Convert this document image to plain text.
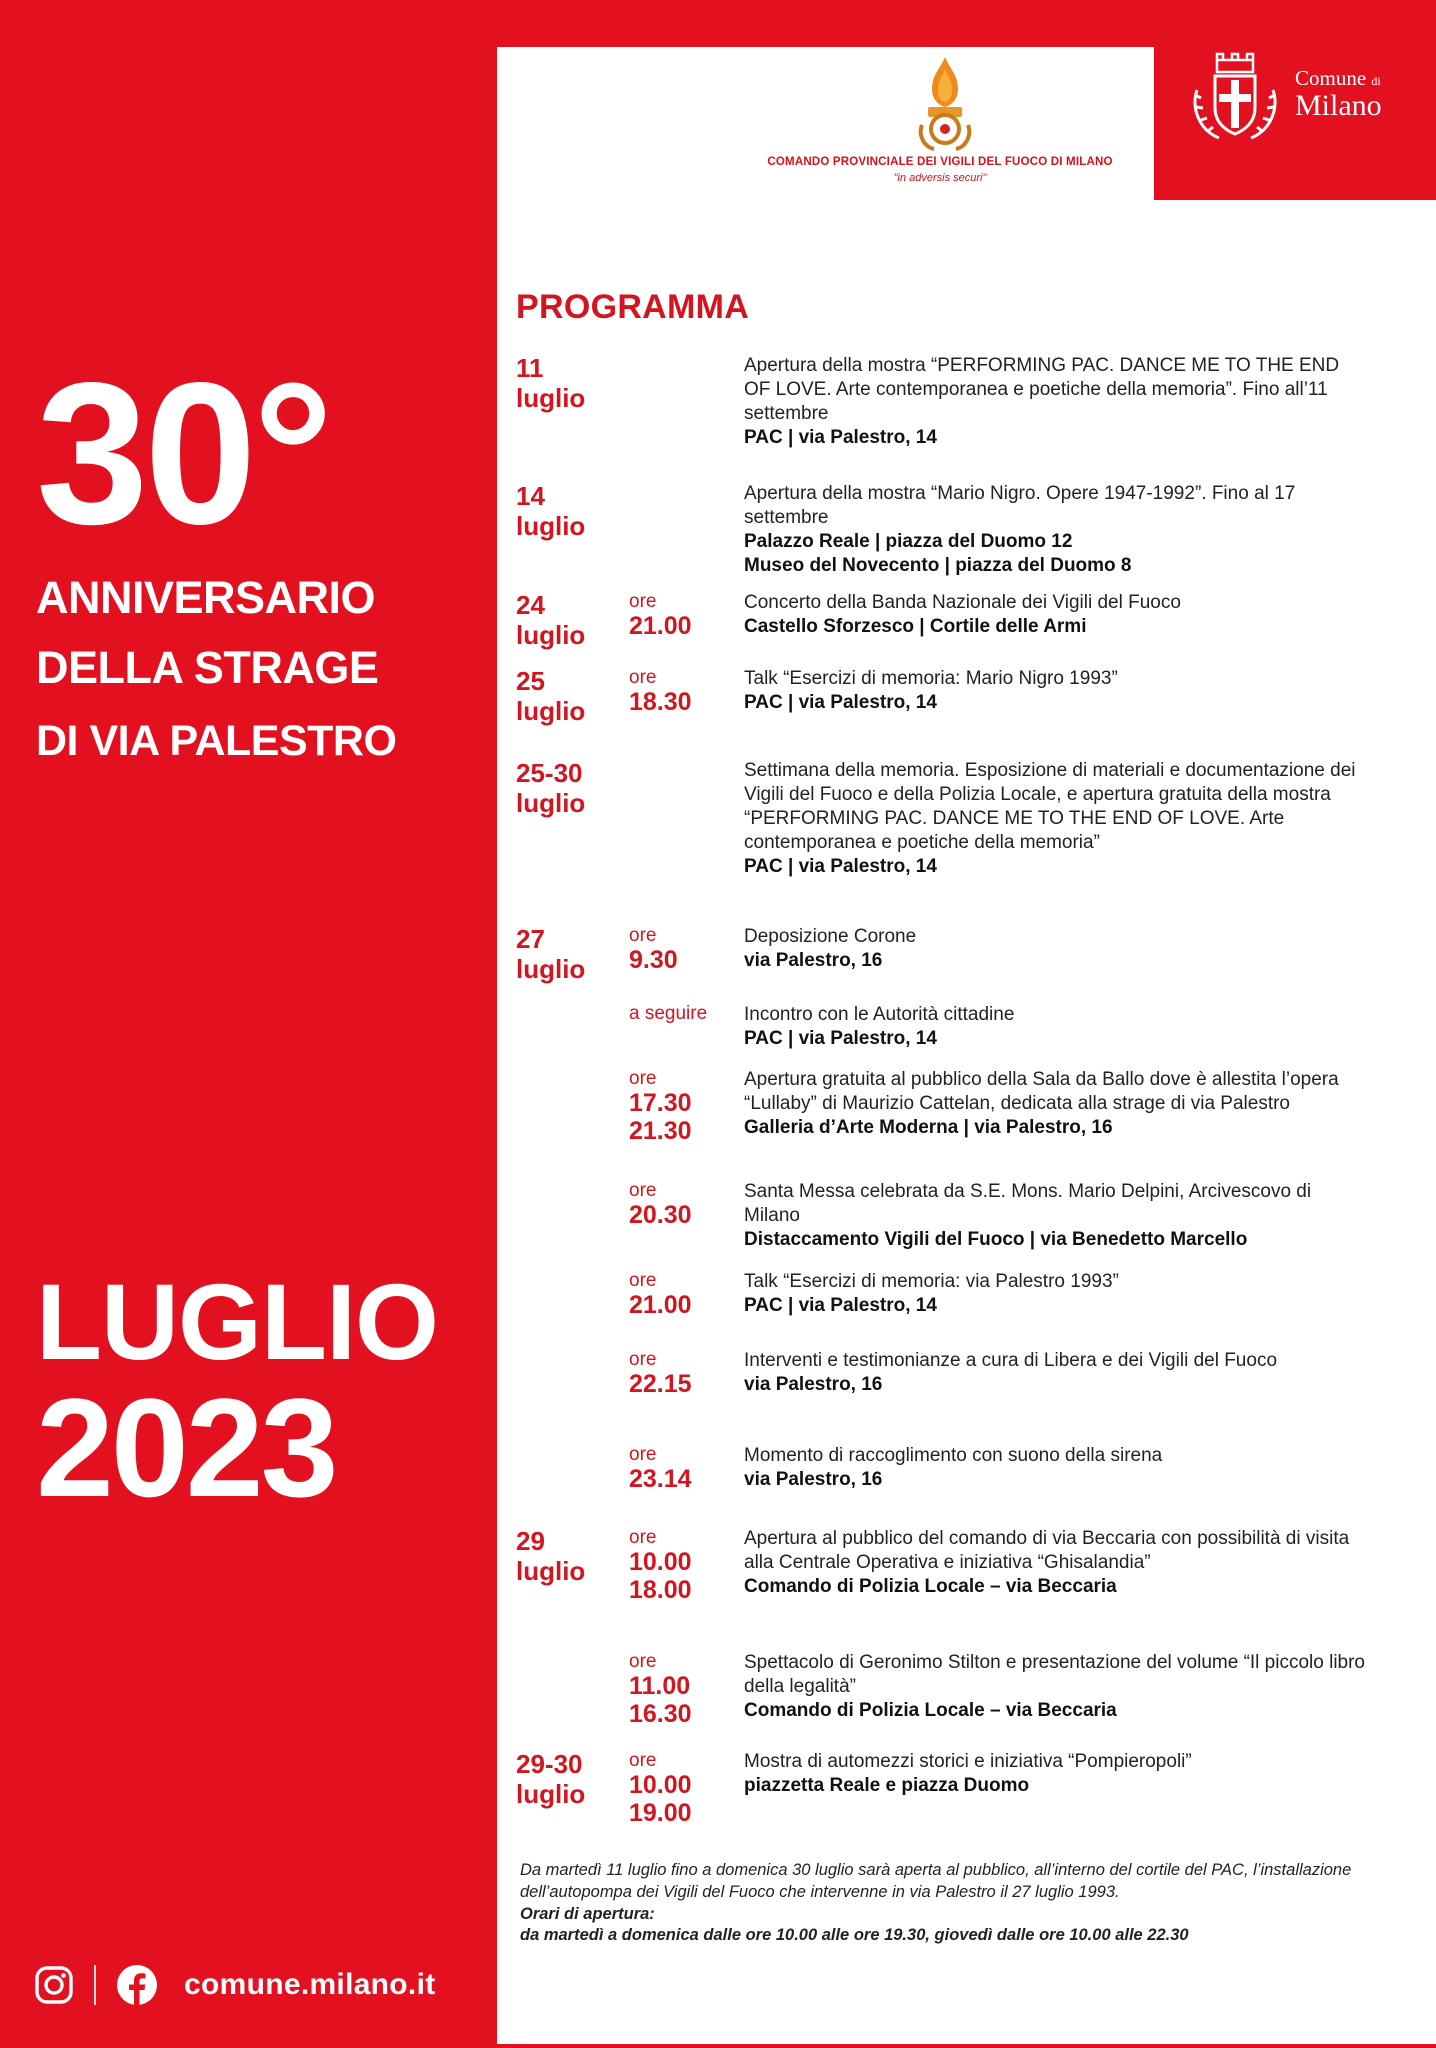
30°
ANNIVERSARIO
DELLA STRAGE
DI VIA PALESTRO
LUGLIO
2023
comune.milano.it
COMANDO PROVINCIALE DEI VIGILI DEL FUOCO DI MILANO
"in adversis securi"
Comune di
Milano
PROGRAMMA
11
luglio
Apertura della mostra “PERFORMING PAC. DANCE ME TO THE END OF LOVE. Arte contemporanea e poetiche della memoria”. Fino all’11 settembre
PAC | via Palestro, 14
14
luglio
Apertura della mostra “Mario Nigro. Opere 1947-1992”. Fino al 17 settembre
Palazzo Reale | piazza del Duomo 12
Museo del Novecento | piazza del Duomo 8
24
luglio
ore
21.00
Concerto della Banda Nazionale dei Vigili del Fuoco
Castello Sforzesco | Cortile delle Armi
25
luglio
ore
18.30
Talk “Esercizi di memoria: Mario Nigro 1993”
PAC | via Palestro, 14
25-30
luglio
Settimana della memoria. Esposizione di materiali e documentazione dei Vigili del Fuoco e della Polizia Locale, e apertura gratuita della mostra “PERFORMING PAC. DANCE ME TO THE END OF LOVE. Arte contemporanea e poetiche della memoria”
PAC | via Palestro, 14
27
luglio
ore
9.30
Deposizione Corone
via Palestro, 16
a seguire Incontro con le Autorità cittadine
PAC | via Palestro, 14
ore
17.30
21.30
Apertura gratuita al pubblico della Sala da Ballo dove è allestita l’opera “Lullaby” di Maurizio Cattelan, dedicata alla strage di via Palestro
Galleria d’Arte Moderna | via Palestro, 16
ore
20.30
Santa Messa celebrata da S.E. Mons. Mario Delpini, Arcivescovo di Milano
Distaccamento Vigili del Fuoco | via Benedetto Marcello
ore
21.00
Talk “Esercizi di memoria: via Palestro 1993”
PAC | via Palestro, 14
ore
22.15
Interventi e testimonianze a cura di Libera e dei Vigili del Fuoco
via Palestro, 16
ore
23.14
Momento di raccoglimento con suono della sirena
via Palestro, 16
29
luglio
ore
10.00
18.00
Apertura al pubblico del comando di via Beccaria con possibilità di visita alla Centrale Operativa e iniziativa “Ghisalandia”
Comando di Polizia Locale – via Beccaria
ore
11.00
16.30
Spettacolo di Geronimo Stilton e presentazione del volume “Il piccolo libro della legalità”
Comando di Polizia Locale – via Beccaria
29-30
luglio
ore
10.00
19.00
Mostra di automezzi storici e iniziativa “Pompieropoli”
piazzetta Reale e piazza Duomo
Da martedì 11 luglio fino a domenica 30 luglio sarà aperta al pubblico, all’interno del cortile del PAC, l’installazione dell’autopompa dei Vigili del Fuoco che intervenne in via Palestro il 27 luglio 1993.
Orari di apertura:
da martedì a domenica dalle ore 10.00 alle ore 19.30, giovedì dalle ore 10.00 alle 22.30
